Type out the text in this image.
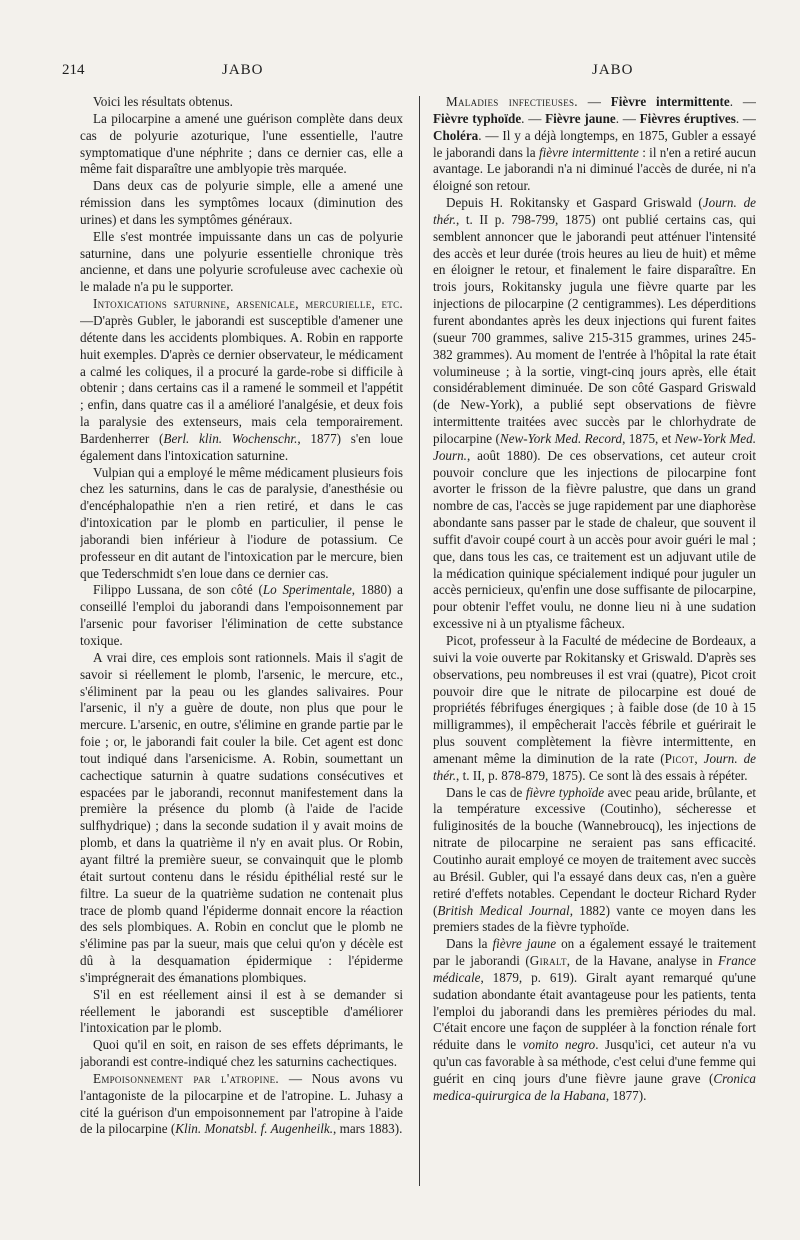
214	JABO	JABO

Voici les résultats obtenus.

La pilocarpine a amené une guérison complète dans deux cas de polyurie azoturique, l'une essentielle, l'autre symptomatique d'une néphrite ; dans ce dernier cas, elle a même fait disparaître une amblyopie très marquée.

Dans deux cas de polyurie simple, elle a amené une rémission dans les symptômes locaux (diminution des urines) et dans les symptômes généraux.

Elle s'est montrée impuissante dans un cas de polyurie saturnine, dans une polyurie essentielle chronique très ancienne, et dans une polyurie scrofuleuse avec cachexie où le malade n'a pu le supporter.

Intoxications saturnine, arsenicale, mercurielle, etc.—D'après Gubler, le jaborandi est susceptible d'amener une détente dans les accidents plombiques. A. Robin en rapporte huit exemples. D'après ce dernier observateur, le médicament a calmé les coliques, il a procuré la garde-robe si difficile à obtenir ; dans certains cas il a ramené le sommeil et l'appétit ; enfin, dans quatre cas il a amélioré l'analgésie, et deux fois la paralysie des extenseurs, mais cela temporairement. Bardenherrer (Berl. klin. Wochenschr., 1877) s'en loue également dans l'intoxication saturnine.

Vulpian qui a employé le même médicament plusieurs fois chez les saturnins, dans le cas de paralysie, d'anesthésie ou d'encéphalopathie n'en a rien retiré, et dans le cas d'intoxication par le plomb en particulier, il pense le jaborandi bien inférieur à l'iodure de potassium. Ce professeur en dit autant de l'intoxication par le mercure, bien que Tederschmidt s'en loue dans ce dernier cas.

Filippo Lussana, de son côté (Lo Sperimentale, 1880) a conseillé l'emploi du jaborandi dans l'empoisonnement par l'arsenic pour favoriser l'élimination de cette substance toxique.

A vrai dire, ces emplois sont rationnels. Mais il s'agit de savoir si réellement le plomb, l'arsenic, le mercure, etc., s'éliminent par la peau ou les glandes salivaires. Pour l'arsenic, il n'y a guère de doute, non plus que pour le mercure. L'arsenic, en outre, s'élimine en grande partie par le foie ; or, le jaborandi fait couler la bile. Cet agent est donc tout indiqué dans l'arsenicisme. A. Robin, soumettant un cachectique saturnin à quatre sudations consécutives et espacées par le jaborandi, reconnut manifestement dans la première la présence du plomb (à l'aide de l'acide sulfhydrique) ; dans la seconde sudation il y avait moins de plomb, et dans la quatrième il n'y en avait plus. Or Robin, ayant filtré la première sueur, se convainquit que le plomb était surtout contenu dans le résidu épithélial resté sur le filtre. La sueur de la quatrième sudation ne contenait plus trace de plomb quand l'épiderme donnait encore la réaction des sels plombiques. A. Robin en conclut que le plomb ne s'élimine pas par la sueur, mais que celui qu'on y décèle est dû à la desquamation épidermique : l'épiderme s'imprégnerait des émanations plombiques.

S'il en est réellement ainsi il est à se demander si réellement le jaborandi est susceptible d'améliorer l'intoxication par le plomb.

Quoi qu'il en soit, en raison de ses effets déprimants, le jaborandi est contre-indiqué chez les saturnins cachectiques.

Empoisonnement par l'atropine. — Nous avons vu l'antagoniste de la pilocarpine et de l'atropine. L. Juhasy a cité la guérison d'un empoisonnement par l'atropine à l'aide de la pilocarpine (Klin. Monatsbl. f. Augenheilk., mars 1883).

Maladies infectieuses. — Fièvre intermittente. — Fièvre typhoïde. — Fièvre jaune. — Fièvres éruptives. — Choléra. — Il y a déjà longtemps, en 1875, Gubler a essayé le jaborandi dans la fièvre intermittente : il n'en a retiré aucun avantage. Le jaborandi n'a ni diminué l'accès de durée, ni n'a éloigné son retour.

Depuis H. Rokitansky et Gaspard Griswald (Journ. de thér., t. II p. 798-799, 1875) ont publié certains cas, qui semblent annoncer que le jaborandi peut atténuer l'intensité des accès et leur durée (trois heures au lieu de huit) et même en éloigner le retour, et finalement le faire disparaître. En trois jours, Rokitansky jugula une fièvre quarte par les injections de pilocarpine (2 centigrammes). Les déperditions furent abondantes après les deux injections qui furent faites (sueur 700 grammes, salive 215-315 grammes, urines 245-382 grammes). Au moment de l'entrée à l'hôpital la rate était volumineuse ; à la sortie, vingt-cinq jours après, elle était considérablement diminuée. De son côté Gaspard Griswald (de New-York), a publié sept observations de fièvre intermittente traitées avec succès par le chlorhydrate de pilocarpine (New-York Med. Record, 1875, et New-York Med. Journ., août 1880). De ces observations, cet auteur croit pouvoir conclure que les injections de pilocarpine font avorter le frisson de la fièvre palustre, que dans un grand nombre de cas, l'accès se juge rapidement par une diaphorèse abondante sans passer par le stade de chaleur, que souvent il suffit d'avoir coupé court à un accès pour avoir guéri le mal ; que, dans tous les cas, ce traitement est un adjuvant utile de la médication quinique spécialement indiqué pour juguler un accès pernicieux, qu'enfin une dose suffisante de pilocarpine, pour obtenir l'effet voulu, ne donne lieu ni à une sudation excessive ni à un ptyalisme fâcheux.

Picot, professeur à la Faculté de médecine de Bordeaux, a suivi la voie ouverte par Rokitansky et Griswald. D'après ses observations, peu nombreuses il est vrai (quatre), Picot croit pouvoir dire que le nitrate de pilocarpine est doué de propriétés fébrifuges énergiques ; à faible dose (de 10 à 15 milligrammes), il empêcherait l'accès fébrile et guérirait le plus souvent complètement la fièvre intermittente, en amenant même la diminution de la rate (Picot, Journ. de thér., t. II, p. 878-879, 1875). Ce sont là des essais à répéter.

Dans le cas de fièvre typhoïde avec peau aride, brûlante, et la température excessive (Coutinho), sécheresse et fuliginosités de la bouche (Wannebroucq), les injections de nitrate de pilocarpine ne seraient pas sans efficacité. Coutinho aurait employé ce moyen de traitement avec succès au Brésil. Gubler, qui l'a essayé dans deux cas, n'en a guère retiré d'effets notables. Cependant le docteur Richard Ryder (British Medical Journal, 1882) vante ce moyen dans les premiers stades de la fièvre typhoïde.

Dans la fièvre jaune on a également essayé le traitement par le jaborandi (Giralt, de la Havane, analyse in France médicale, 1879, p. 619). Giralt ayant remarqué qu'une sudation abondante était avantageuse pour les patients, tenta l'emploi du jaborandi dans les premières périodes du mal. C'était encore une façon de suppléer à la fonction rénale fort réduite dans le vomito negro. Jusqu'ici, cet auteur n'a vu qu'un cas favorable à sa méthode, c'est celui d'une femme qui guérit en cinq jours d'une fièvre jaune grave (Cronica medica-quirurgica de la Habana, 1877).
